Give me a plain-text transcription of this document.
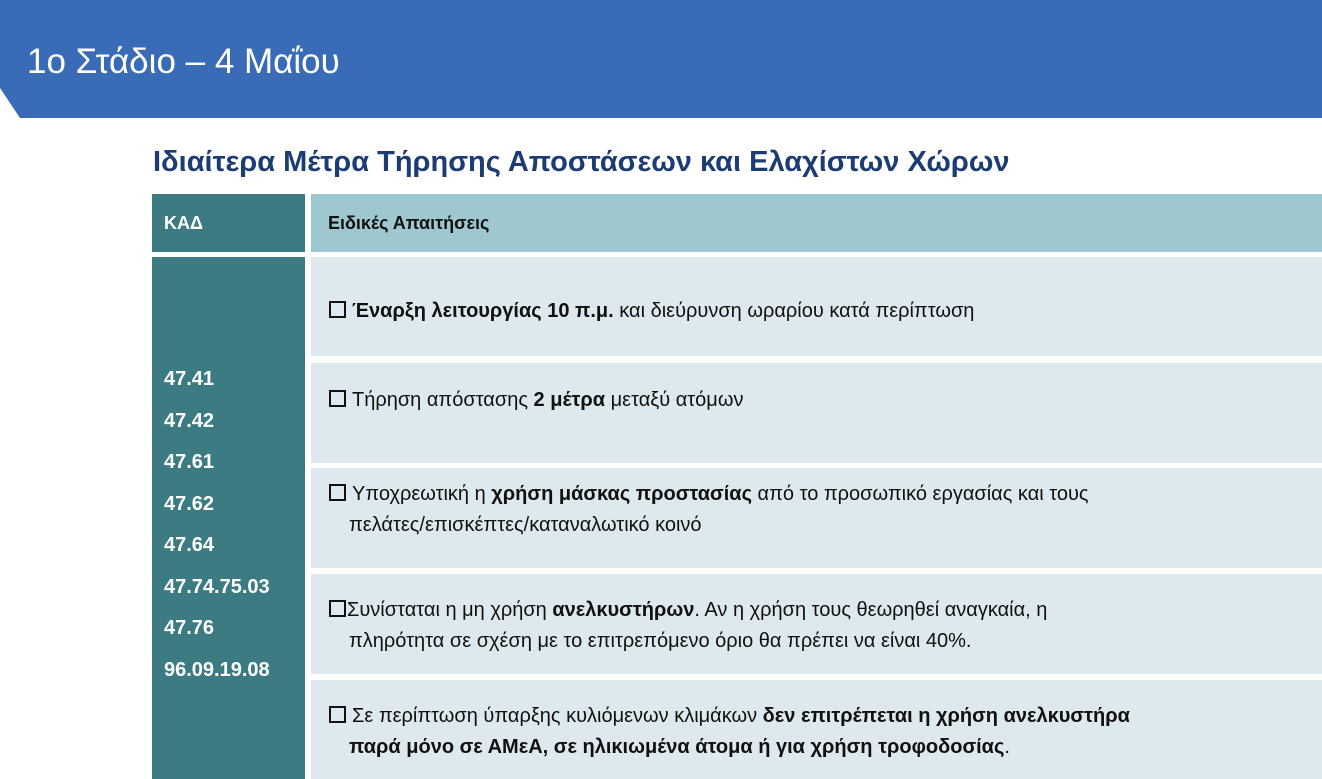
1ο Στάδιο – 4 Μαΐου
Ιδιαίτερα Μέτρα Τήρησης Αποστάσεων και Ελαχίστων Χώρων
ΚΑΔ	Ειδικές Απαιτήσεις
47.41
47.42
47.61
47.62
47.64
47.74.75.03
47.76
96.09.19.08
Έναρξη λειτουργίας 10 π.μ. και διεύρυνση ωραρίου κατά περίπτωση
Τήρηση απόστασης 2 μέτρα μεταξύ ατόμων
Υποχρεωτική η χρήση μάσκας προστασίας από το προσωπικό εργασίας και τους
πελάτες/επισκέπτες/καταναλωτικό κοινό
Συνίσταται η μη χρήση ανελκυστήρων. Αν η χρήση τους θεωρηθεί αναγκαία, η
πληρότητα σε σχέση με το επιτρεπόμενο όριο θα πρέπει να είναι 40%.
Σε περίπτωση ύπαρξης κυλιόμενων κλιμάκων δεν επιτρέπεται η χρήση ανελκυστήρα
παρά μόνο σε ΑΜεΑ, σε ηλικιωμένα άτομα ή για χρήση τροφοδοσίας.
